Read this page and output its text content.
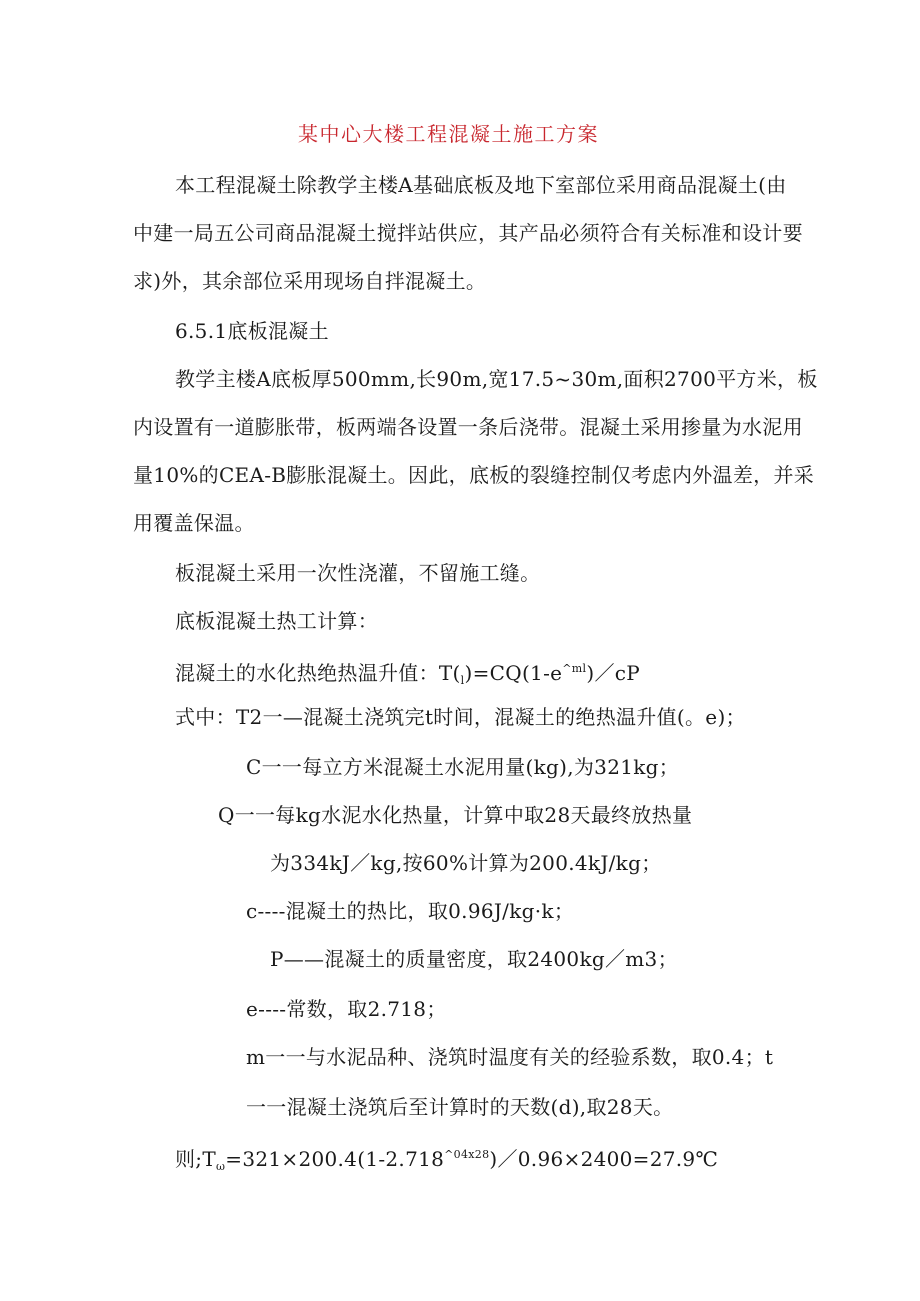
某中心大楼工程混凝土施工方案
本工程混凝土除教学主楼A基础底板及地下室部位采用商品混凝土(由
中建一局五公司商品混凝土搅拌站供应，其产品必须符合有关标准和设计要
求)外，其余部位采用现场自拌混凝土。
6.5.1底板混凝土
教学主楼A底板厚500mm,长90m,宽17.5~30m,面积2700平方米，板
内设置有一道膨胀带，板两端各设置一条后浇带。混凝土采用掺量为水泥用
量10%的CEA-B膨胀混凝土。因此，底板的裂缝控制仅考虑内外温差，并采
用覆盖保温。
板混凝土采用一次性浇灌，不留施工缝。
底板混凝土热工计算：
混凝土的水化热绝热温升值：$T(_l)=CQ(1-e^{\^{}ml})/cP$
式中：T2一—混凝土浇筑完t时间，混凝土的绝热温升值(。e)；
C一一每立方米混凝土水泥用量(kg),为321kg；
Q一一每kg水泥水化热量，计算中取28天最终放热量
为334kJ／kg,按60%计算为200.4kJ/kg；
c----混凝土的热比，取0.96J/kg·k；
P——混凝土的质量密度，取2400kg／m3；
e----常数，取2.718；
m一一与水泥品种、浇筑时温度有关的经验系数，取0.4；t
一一混凝土浇筑后至计算时的天数(d),取28天。
则$;T_\omega=321\times 200.4(1-2.718^{\^{}04x28})/0.96\times 2400=27.9℃$
